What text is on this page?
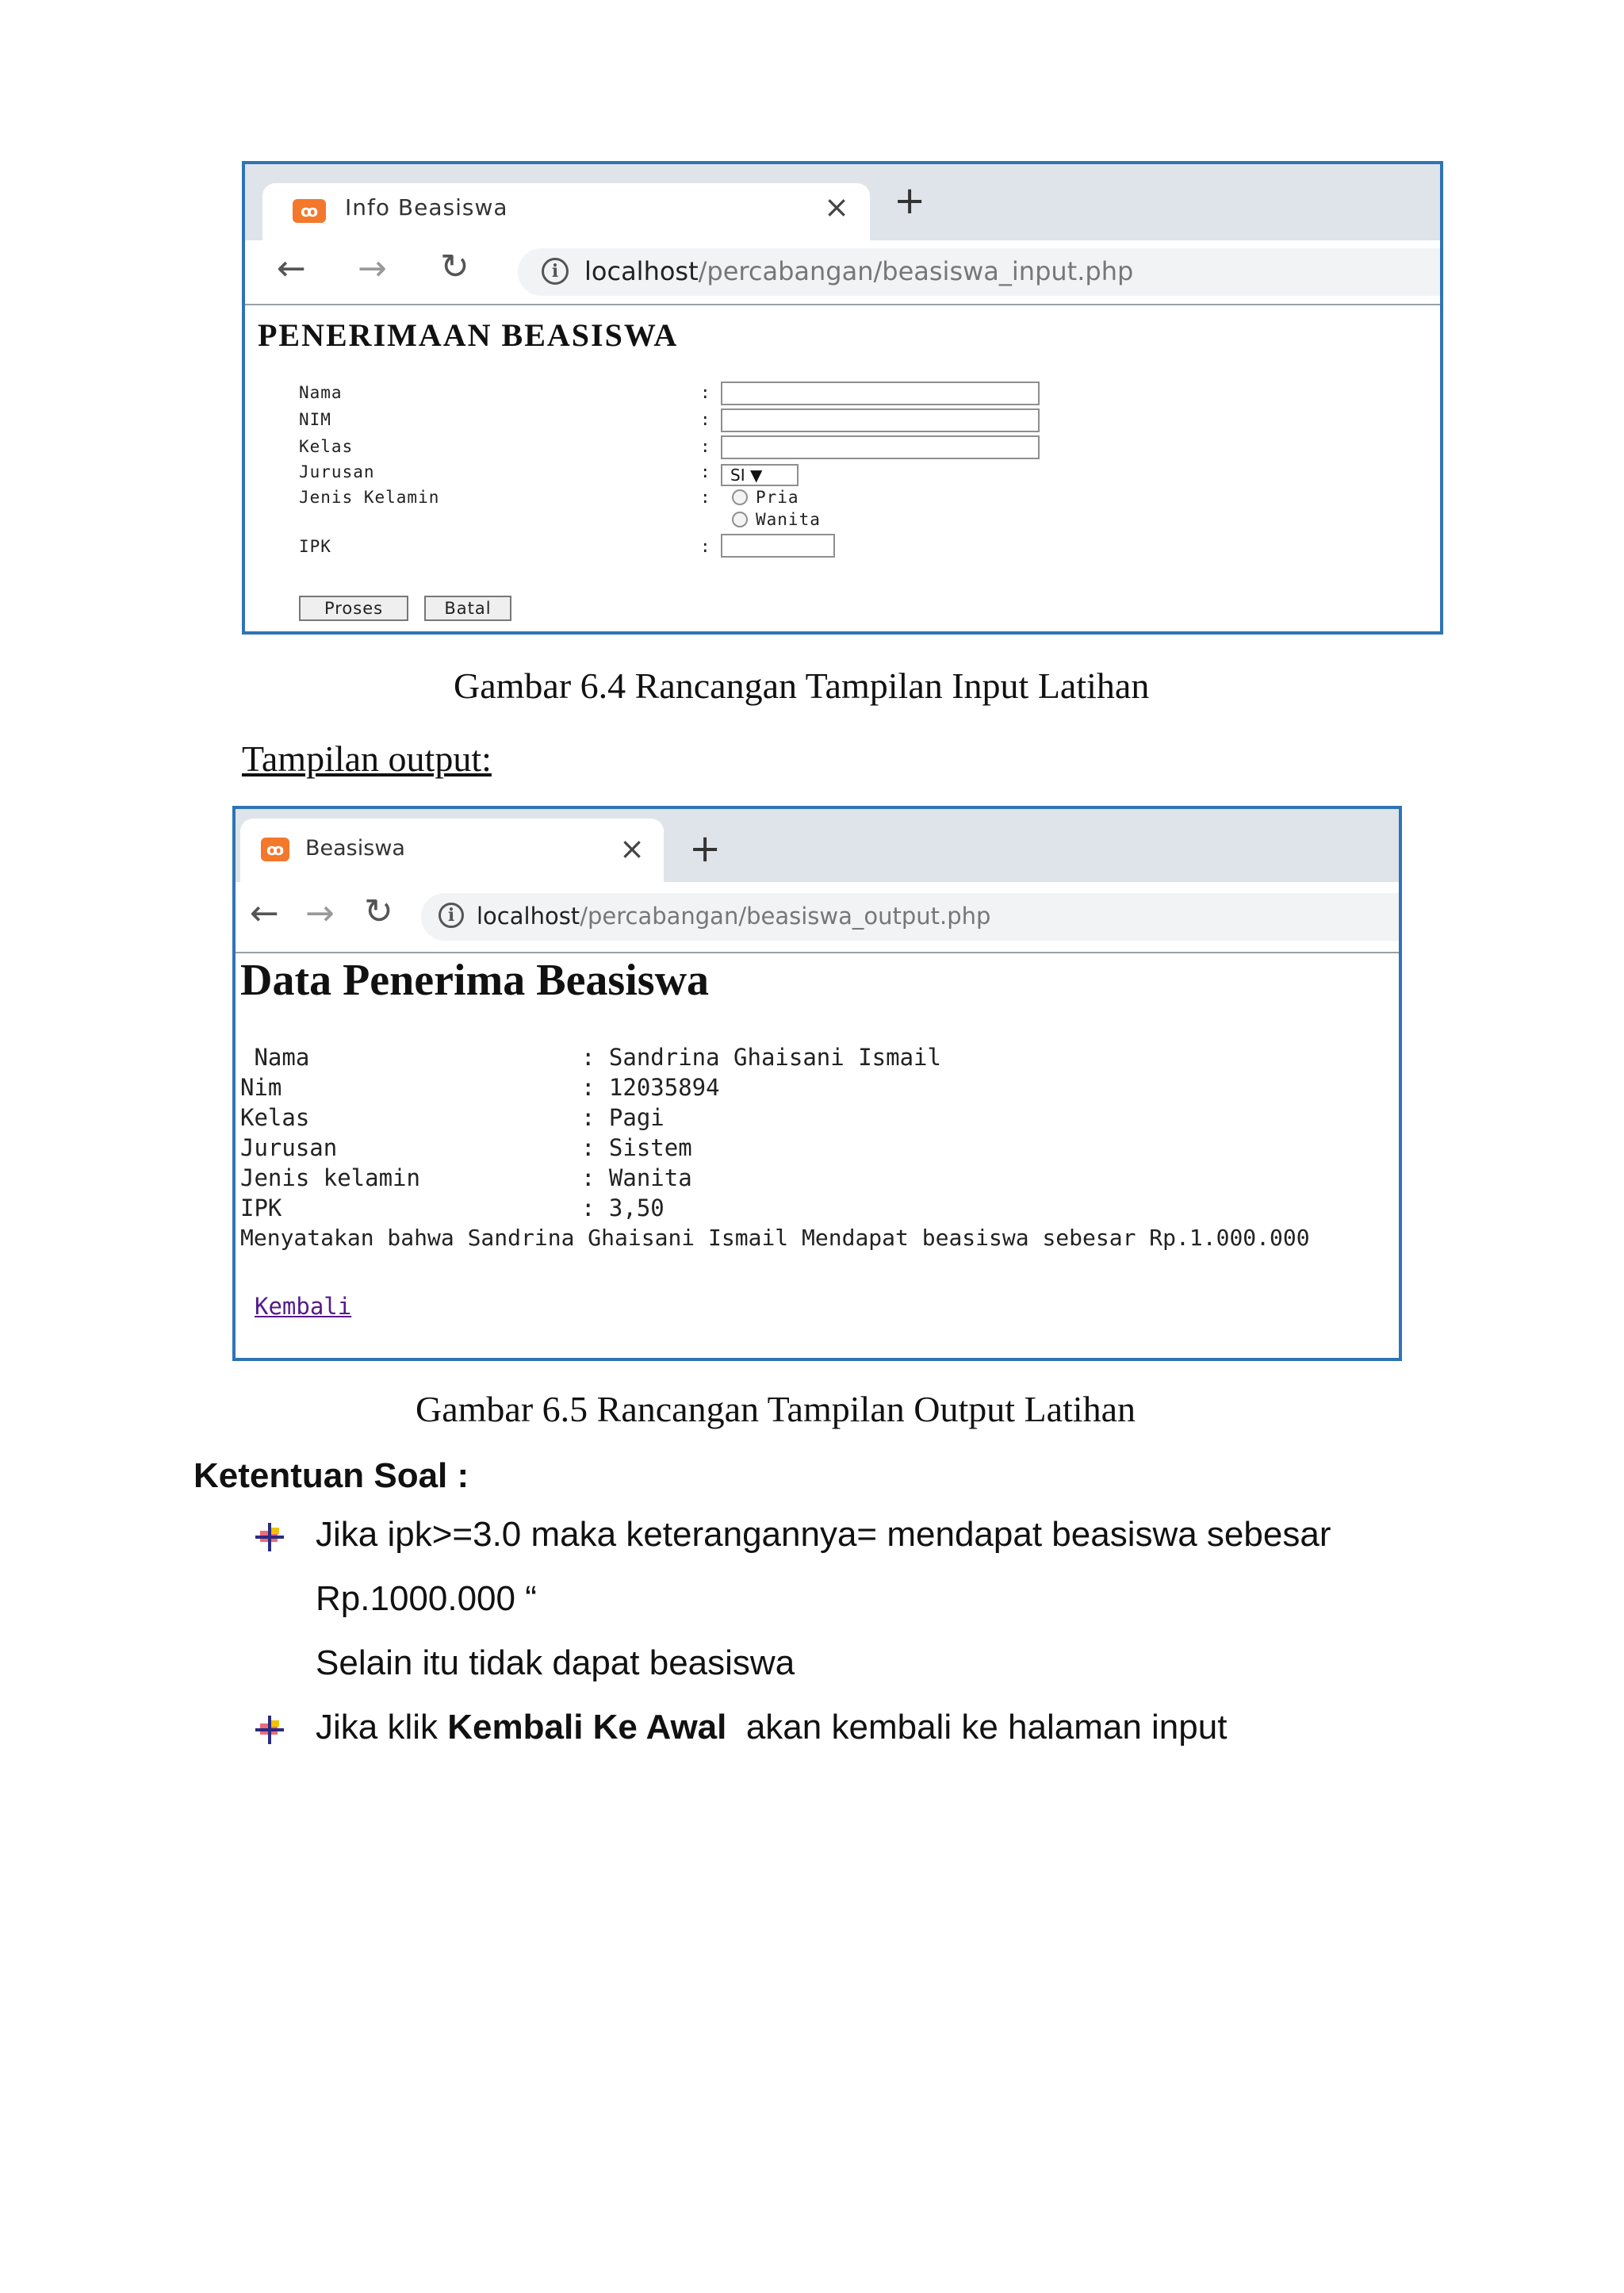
ꝏ	Info Beasiswa	× +
← → ↻	i	localhost/percabangan/beasiswa_input.php
PENERIMAAN BEASISWA
Nama	:
NIM	:
Kelas	:
Jurusan	:	SI ▼
Jenis Kelamin	:	Pria
Wanita
IPK	:
Proses	Batal
Gambar 6.4 Rancangan Tampilan Input Latihan
Tampilan output:
ꝏ Beasiswa	× +
← → ↻	i localhost/percabangan/beasiswa_output.php
Data Penerima Beasiswa
Nama	: Sandrina Ghaisani Ismail
Nim	: 12035894
Kelas	: Pagi
Jurusan	: Sistem
Jenis kelamin	: Wanita
IPK	: 3,50
Menyatakan bahwa Sandrina Ghaisani Ismail Mendapat beasiswa sebesar Rp.1.000.000
Kembali
Gambar 6.5 Rancangan Tampilan Output Latihan
Ketentuan Soal :
Jika ipk>=3.0 maka keterangannya= mendapat beasiswa sebesar
Rp.1000.000 “
Selain itu tidak dapat beasiswa
Jika klik Kembali Ke Awal  akan kembali ke halaman input
